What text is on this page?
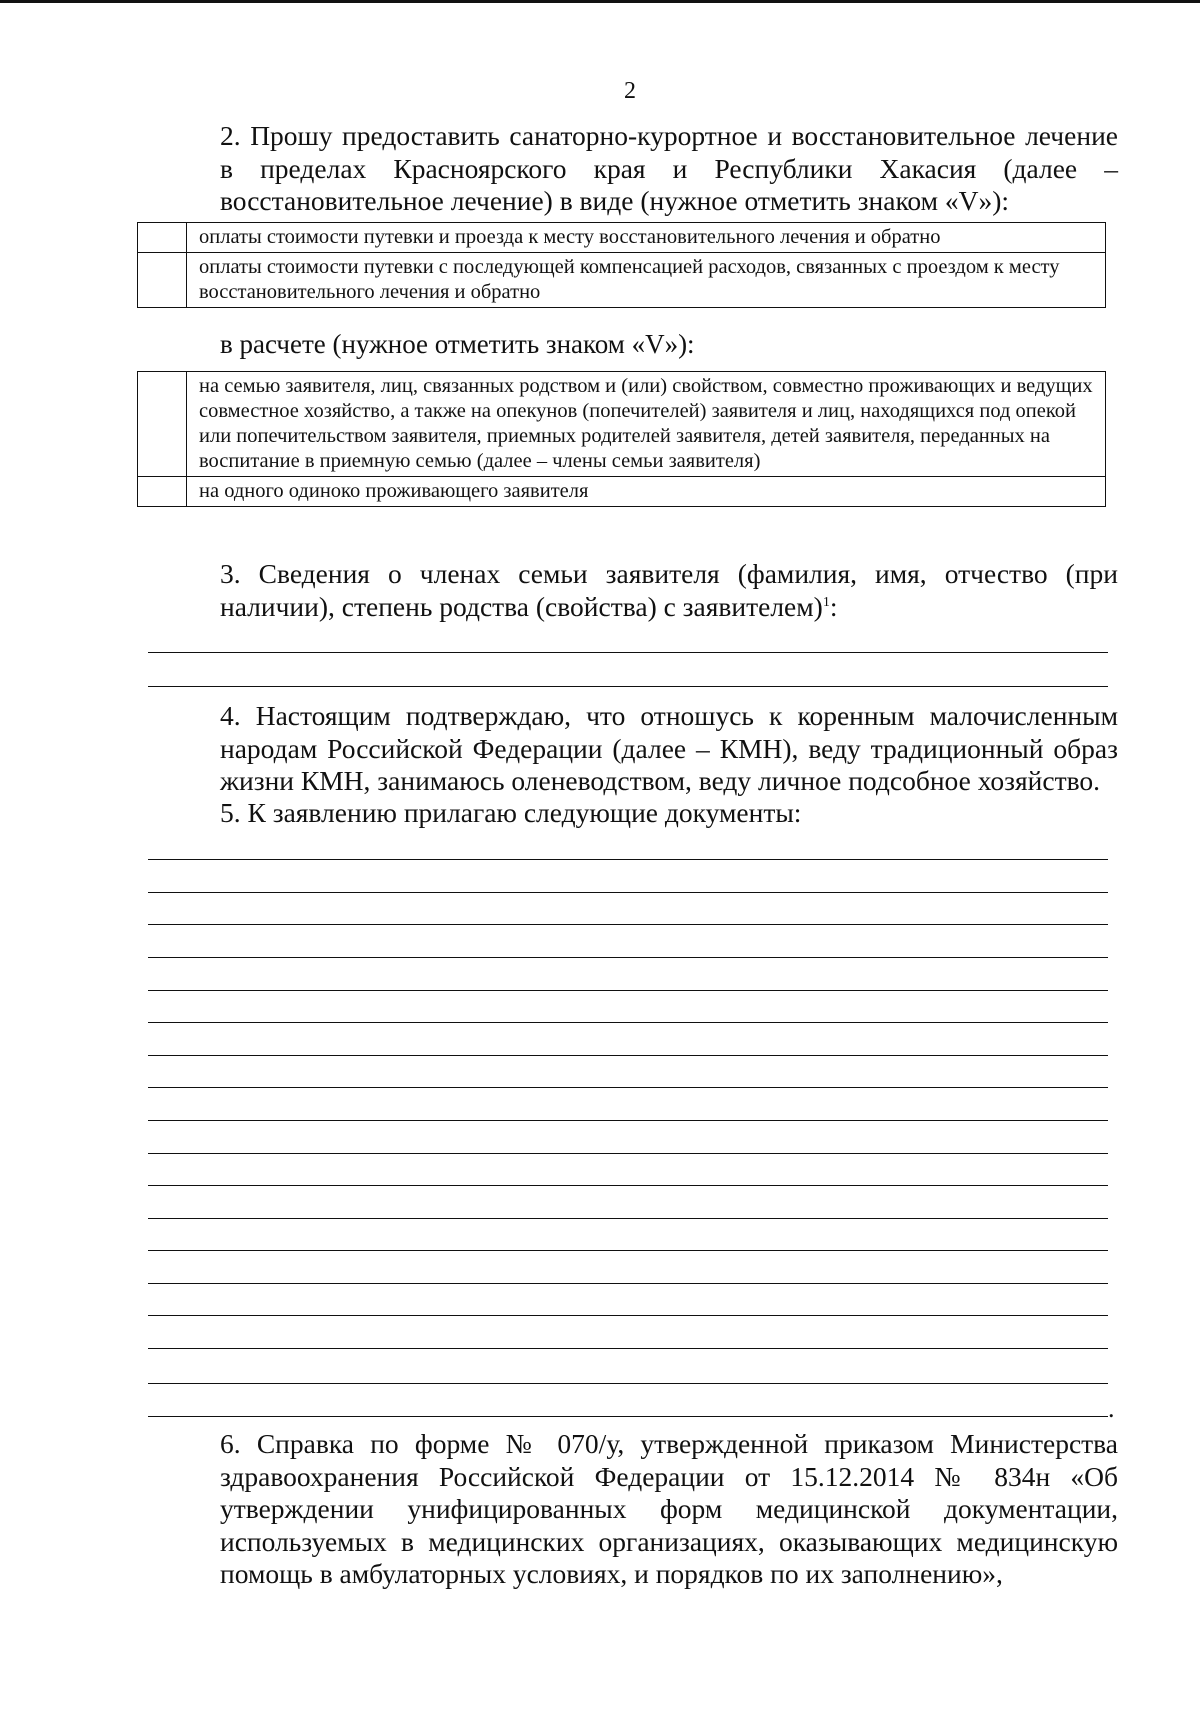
2
2. Прошу предоставить санаторно-курортное и восстановительное лечение в пределах Красноярского края и Республики Хакасия (далее – восстановительное лечение) в виде (нужное отметить знаком «V»):
	оплаты стоимости путевки и проезда к месту восстановительного лечения и обратно
	оплаты стоимости путевки с последующей компенсацией расходов, связанных с проездом к месту восстановительного лечения и обратно
в расчете (нужное отметить знаком «V»):
	на семью заявителя, лиц, связанных родством и (или) свойством, совместно проживающих и ведущих совместное хозяйство, а также на опекунов (попечителей) заявителя и лиц, находящихся под опекой или попечительством заявителя, приемных родителей заявителя, детей заявителя, переданных на воспитание в приемную семью (далее – члены семьи заявителя)
	на одного одиноко проживающего заявителя
3. Сведения о членах семьи заявителя (фамилия, имя, отчество (при наличии), степень родства (свойства) с заявителем)$^1$:
4. Настоящим подтверждаю, что отношусь к коренным малочисленным народам Российской Федерации (далее – КМН), веду традиционный образ жизни КМН, занимаюсь оленеводством, веду личное подсобное хозяйство.
5. К заявлению прилагаю следующие документы:
.
6. Справка по форме № 070/у, утвержденной приказом Министерства здравоохранения Российской Федерации от 15.12.2014 № 834н «Об утверждении унифицированных форм медицинской документации, используемых в медицинских организациях, оказывающих медицинскую помощь в амбулаторных условиях, и порядков по их заполнению»,
